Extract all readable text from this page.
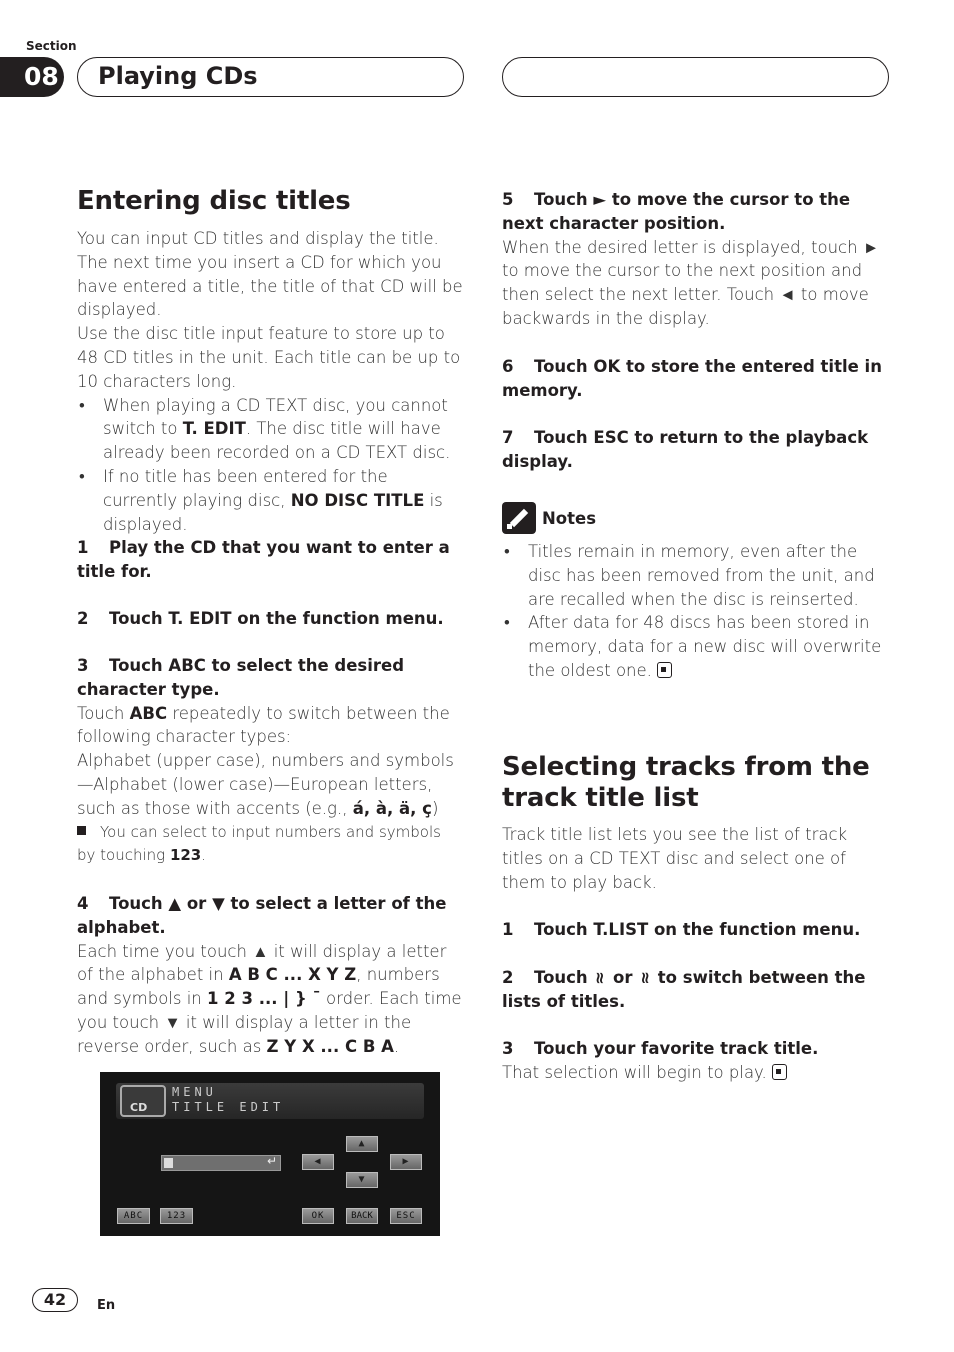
Section
08	Playing CDs
Entering disc titles

You can input CD titles and display the title. The next time you insert a CD for which you have entered a title, the title of that CD will be displayed.

Use the disc title input feature to store up to 48 CD titles in the unit. Each title can be up to 10 characters long.

• When playing a CD TEXT disc, you cannot switch to T. EDIT. The disc title will have already been recorded on a CD TEXT disc.
• If no title has been entered for the currently playing disc, NO DISC TITLE is displayed.
1 Play the CD that you want to enter a title for.
2 Touch T. EDIT on the function menu.
3 Touch ABC to select the desired character type.

Touch ABC repeatedly to switch between the following character types:

Alphabet (upper case), numbers and symbols—Alphabet (lower case)—European letters, such as those with accents (e.g., á, à, ä, ç)

You can select to input numbers and symbols by touching 123.

4 Touch ▲ or ▼ to select a letter of the alphabet.

Each time you touch ▲ it will display a letter of the alphabet in A B C ... X Y Z, numbers and symbols in 1 2 3 ... | } ¯ order. Each time you touch ▼ it will display a letter in the reverse order, such as Z Y X ... C B A.

CD
MENU
TITLE EDIT
↵
▲
▼
◀	▶
ABC	123	OK	BACK	ESC
5 Touch ► to move the cursor to the next character position.

When the desired letter is displayed, touch ► to move the cursor to the next position and then select the next letter. Touch ◄ to move backwards in the display.

6 Touch OK to store the entered title in memory.
7 Touch ESC to return to the playback display.
Notes
• Titles remain in memory, even after the disc has been removed from the unit, and are recalled when the disc is reinserted.
• After data for 48 discs has been stored in memory, data for a new disc will overwrite the oldest one.
Selecting tracks from the track title list

Track title list lets you see the list of track titles on a CD TEXT disc and select one of them to play back.

1 Touch T.LIST on the function menu.
2 Touch ≈ or ≈ to switch between the lists of titles.
3 Touch your favorite track title.

That selection will begin to play.

42	En
